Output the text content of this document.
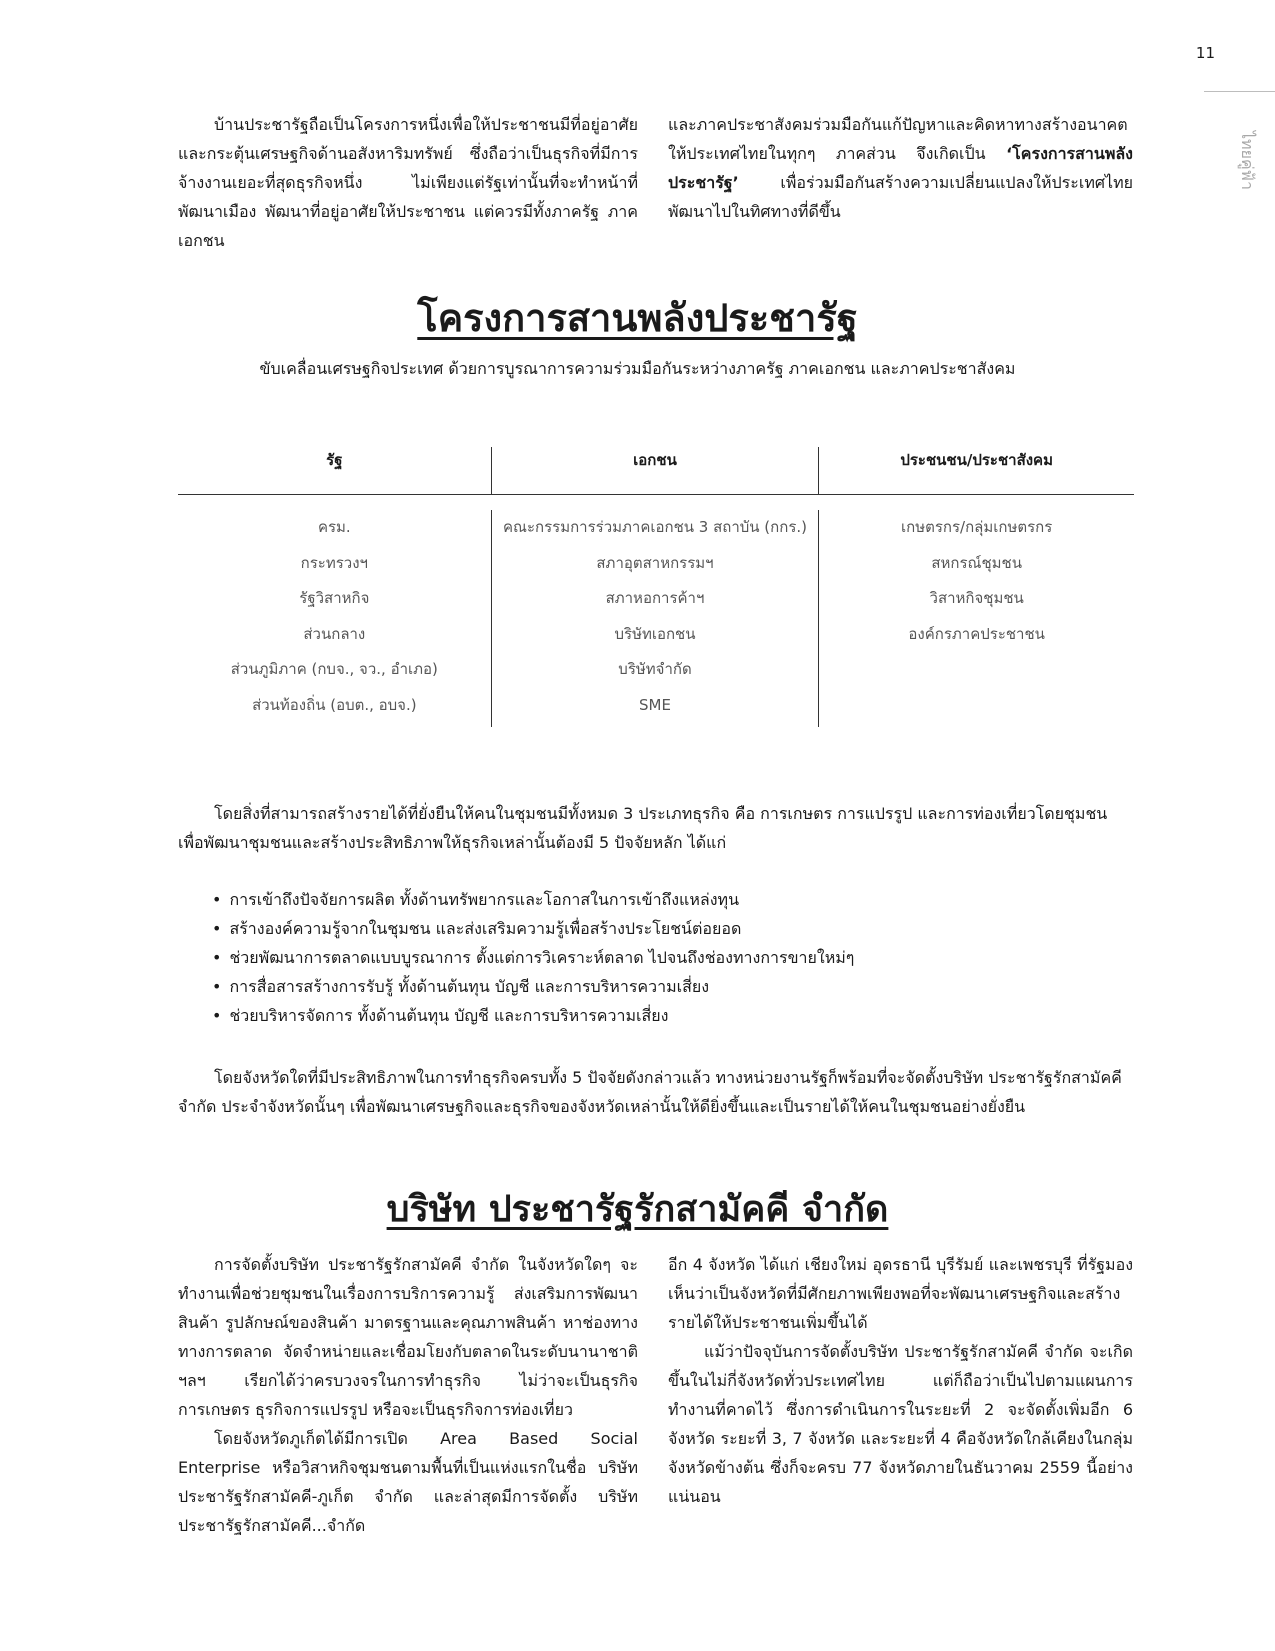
11
ไทยคู่ฟ้า

บ้านประชารัฐถือเป็นโครงการหนึ่งเพื่อให้ประชาชนมีที่อยู่อาศัย และกระตุ้นเศรษฐกิจด้านอสังหาริมทรัพย์ ซึ่งถือว่าเป็นธุรกิจที่มีการจ้างงานเยอะที่สุดธุรกิจหนึ่ง ไม่เพียงแต่รัฐเท่านั้นที่จะทำหน้าที่พัฒนาเมือง พัฒนาที่อยู่อาศัยให้ประชาชน แต่ควรมีทั้งภาครัฐ ภาคเอกชน

และภาคประชาสังคมร่วมมือกันแก้ปัญหาและคิดหาทางสร้างอนาคตให้ประเทศไทยในทุกๆ ภาคส่วน จึงเกิดเป็น ‘โครงการสานพลังประชารัฐ’ เพื่อร่วมมือกันสร้างความเปลี่ยนแปลงให้ประเทศไทยพัฒนาไปในทิศทางที่ดีขึ้น

โครงการสานพลังประชารัฐ
ขับเคลื่อนเศรษฐกิจประเทศ ด้วยการบูรณาการความร่วมมือกันระหว่างภาครัฐ ภาคเอกชน และภาคประชาสังคม
รัฐ	เอกชน	ประชนชน/ประชาสังคม
ครม.
กระทรวงฯ
รัฐวิสาหกิจ
ส่วนกลาง
ส่วนภูมิภาค (กบจ., จว., อำเภอ)
ส่วนท้องถิ่น (อบต., อบจ.)
คณะกรรมการร่วมภาคเอกชน 3 สถาบัน (กกร.)
สภาอุตสาหกรรมฯ
สภาหอการค้าฯ
บริษัทเอกชน
บริษัทจำกัด
SME
เกษตรกร/กลุ่มเกษตรกร
สหกรณ์ชุมชน
วิสาหกิจชุมชน
องค์กรภาคประชาชน

โดยสิ่งที่สามารถสร้างรายได้ที่ยั่งยืนให้คนในชุมชนมีทั้งหมด 3 ประเภทธุรกิจ คือ การเกษตร การแปรรูป และการท่องเที่ยวโดยชุมชน เพื่อพัฒนาชุมชนและสร้างประสิทธิภาพให้ธุรกิจเหล่านั้นต้องมี 5 ปัจจัยหลัก ได้แก่

• การเข้าถึงปัจจัยการผลิต ทั้งด้านทรัพยากรและโอกาสในการเข้าถึงแหล่งทุน
• สร้างองค์ความรู้จากในชุมชน และส่งเสริมความรู้เพื่อสร้างประโยชน์ต่อยอด
• ช่วยพัฒนาการตลาดแบบบูรณาการ ตั้งแต่การวิเคราะห์ตลาด ไปจนถึงช่องทางการขายใหม่ๆ
• การสื่อสารสร้างการรับรู้ ทั้งด้านต้นทุน บัญชี และการบริหารความเสี่ยง
• ช่วยบริหารจัดการ ทั้งด้านต้นทุน บัญชี และการบริหารความเสี่ยง

โดยจังหวัดใดที่มีประสิทธิภาพในการทำธุรกิจครบทั้ง 5 ปัจจัยดังกล่าวแล้ว ทางหน่วยงานรัฐก็พร้อมที่จะจัดตั้งบริษัท ประชารัฐรักสามัคคี จำกัด ประจำจังหวัดนั้นๆ เพื่อพัฒนาเศรษฐกิจและธุรกิจของจังหวัดเหล่านั้นให้ดียิ่งขึ้นและเป็นรายได้ให้คนในชุมชนอย่างยั่งยืน

บริษัท ประชารัฐรักสามัคคี จำกัด

การจัดตั้งบริษัท ประชารัฐรักสามัคคี จำกัด ในจังหวัดใดๆ จะทำงานเพื่อช่วยชุมชนในเรื่องการบริการความรู้ ส่งเสริมการพัฒนาสินค้า รูปลักษณ์ของสินค้า มาตรฐานและคุณภาพสินค้า หาช่องทางทางการตลาด จัดจำหน่ายและเชื่อมโยงกับตลาดในระดับนานาชาติ ฯลฯ เรียกได้ว่าครบวงจรในการทำธุรกิจ ไม่ว่าจะเป็นธุรกิจการเกษตร ธุรกิจการแปรรูป หรือจะเป็นธุรกิจการท่องเที่ยว

โดยจังหวัดภูเก็ตได้มีการเปิด Area Based Social Enterprise หรือวิสาหกิจชุมชนตามพื้นที่เป็นแห่งแรกในชื่อ บริษัท ประชารัฐรักสามัคคี-ภูเก็ต จำกัด และล่าสุดมีการจัดตั้ง บริษัท ประชารัฐรักสามัคคี...จำกัด

อีก 4 จังหวัด ได้แก่ เชียงใหม่ อุดรธานี บุรีรัมย์ และเพชรบุรี ที่รัฐมองเห็นว่าเป็นจังหวัดที่มีศักยภาพเพียงพอที่จะพัฒนาเศรษฐกิจและสร้างรายได้ให้ประชาชนเพิ่มขึ้นได้

แม้ว่าปัจจุบันการจัดตั้งบริษัท ประชารัฐรักสามัคคี จำกัด จะเกิดขึ้นในไม่กี่จังหวัดทั่วประเทศไทย แต่ก็ถือว่าเป็นไปตามแผนการทำงานที่คาดไว้ ซึ่งการดำเนินการในระยะที่ 2 จะจัดตั้งเพิ่มอีก 6 จังหวัด ระยะที่ 3, 7 จังหวัด และระยะที่ 4 คือจังหวัดใกล้เคียงในกลุ่มจังหวัดข้างต้น ซึ่งก็จะครบ 77 จังหวัดภายในธันวาคม 2559 นี้อย่างแน่นอน
